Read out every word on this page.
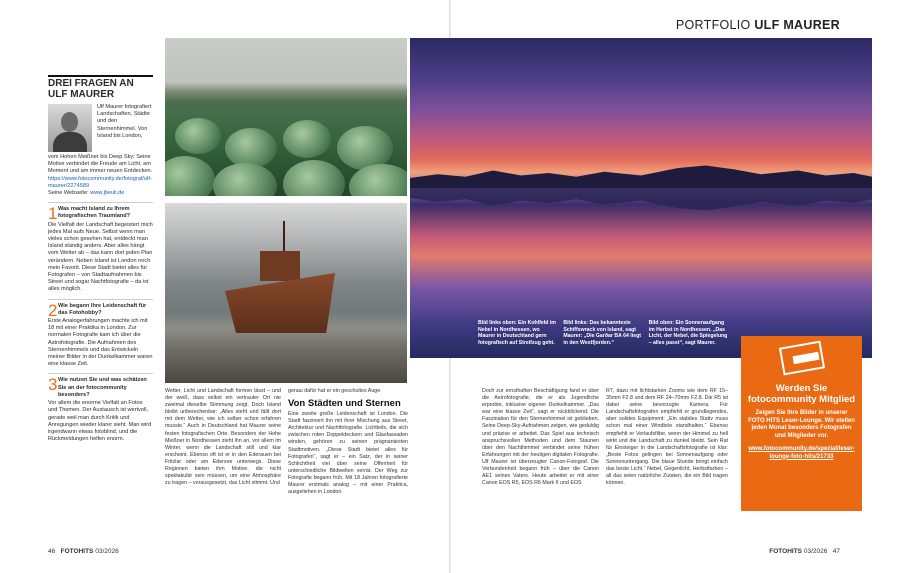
DREI FRAGEN AN ULF MAURER
Ulf Maurer fotografiert Landschaften, Städte und den Sternenhimmel. Von Island bis London,
vom Hohen Meißner bis Deep Sky: Seine Motive verbindet die Freude am Licht, am Moment und am immer neuen Entdecken.
https://www.fotocommunity.de/fotograf/ulf-maurer/2274589
Seine Webseite: www.jbeuli.de
1 Was macht Island zu Ihrem fotografischen Traumland?
Die Vielfalt der Landschaft begeistert mich jedes Mal aufs Neue. Selbst wenn man vieles schon gesehen hat, entdeckt man Island ständig anders. Aber alles hängt vom Wetter ab – das kann dort jeden Plan verändern. Neben Island ist London noch mein Favorit. Diese Stadt bietet alles für Fotografen – von Stadtaufnahmen bis Street und sogar Nachtfotografie – da ist alles möglich.
2 Wie begann Ihre Leidenschaft für das Fotohobby?
Erste Analogerfahrungen machte ich mit 18 mit einer Praktika in London. Zur normalen Fotografie kam ich über die Astrofotografie. Die Aufnahmen des Sternenhimmels und das Entwickeln meiner Bilder in der Dunkelkammer waren eine klasse Zeit.
3 Wie nutzen Sie und was schätzen Sie an der fotocommunity besonders?
Vor allem die enorme Vielfalt an Fotos und Themen. Der Austausch ist wertvoll, gerade weil man durch Kritik und Anregungen wieder klarer sieht. Man wird irgendwann etwas fotoblind, und die Rückmeldungen helfen enorm.
Wetter, Licht und Landschaft formen lässt – und der weiß, dass selbst ein vertrauter Ort nie zweimal dieselbe Stimmung zeigt. Doch Island bleibt unberechenbar: „Alles steht und fällt dort mit dem Wetter, wie ich selber schon erfahren musste.“ Auch in Deutschland hat Maurer seine festen fotografischen Orte. Besonders der Hohe Meißner in Nordhessen zieht ihn an, vor allem im Winter, wenn die Landschaft still und klar erscheint. Ebenso oft ist er in den Ederauen bei Fritzlar oder am Edersee unterwegs. Diese Regionen bieten ihm Motive, die nicht spektakulär sein müssen, um eine Atmosphäre zu tragen – vorausgesetzt, das Licht stimmt. Und
genau dafür hat er ein geschultes Auge.
Von Städten und Sternen
Eine zweite große Leidenschaft ist London. Die Stadt fasziniert ihn mit ihrer Mischung aus Street, Architektur und Nachtfotografie. Lichtteils, die sich zwischen roten Doppeldeckern und Glasfassaden winden, gehören zu seinen prägnantesten Stadtmotiven. „Diese Stadt bietet alles für Fotografen“, sagt er – ein Satz, der in seiner Schlichtheit viel über seine Offenheit für unterschiedliche Bildwelten verrät. Der Weg zur Fotografie begann früh. Mit 18 Jahren fotografierte Maurer erstmals analog – mit einer Praktica, ausgeliehen in London.
46 FOTOHITS 03/2026
PORTFOLIO ULF MAURER
Bild links oben: Ein Kohlfeld im Nebel in Nordhessen, wo Maurer in Deutschland gern fotografisch auf Streifzug geht.
Bild links: Das bekannteste Schiffswrack von Island, sagt Maurer: „Die Garðar BA 64 liegt in den Westfjorden.“
Bild oben: Ein Sonnenaufgang im Herbst in Nordhessen. „Das Licht, der Nebel, die Spiegelung – alles passt“, sagt Maurer.
Doch zur ernsthaften Beschäftigung fand er über die Astrofotografie, die er als Jugendliche erprobte, inklusive eigener Dunkelkammer. „Das war eine klasse Zeit“, sagt er rückblickend. Die Faszination für den Sternenhimmel ist geblieben. Seine Deep-Sky-Aufnahmen zeigen, wie geduldig und präzise er arbeitet. Das Spiel aus technisch anspruchsvollen Methoden und dem Staunen über den Nachthimmel verbindet seine frühen Erfahrungen mit der heutigen digitalen Fotografie. Ulf Maurer ist überzeugter Canon-Fotograf. Die Verbundenheit begann früh – über die Canon AE1 seines Vaters. Heute arbeitet er mit einer Canon EOS R5, EOS R6 Mark II und EOS
R7, dazu mit lichtstarken Zooms wie dem RF 15–35mm F2.8 und dem RF 24–70mm F2.8. Die R5 ist dabei seine bevorzugte Kamera. Für Landschaftsfotografen empfiehlt er grundlegendes, aber solides Equipment: „Ein stabiles Stativ muss schon mal einer Windböe standhalten.“ Ebenso empfiehlt er Verlaufsfilter, wenn der Himmel zu hell wirkt und die Landschaft zu dunkel bleibt. Sein Rat für Einsteiger in die Landschaftsfotografie ist klar: „Beste Fotos gelingen bei Sonnenaufgang oder Sonnenuntergang. Die blaue Stunde bringt einfach das beste Licht.“ Nebel, Gegenlicht, Herbstfarben – all das seien natürliche Zutaten, die ein Bild tragen können.
Werden Sie fotocommunity Mitglied

Zeigen Sie Ihre Bilder in unserer FOTO HITS Leser-Lounge. Wir stellen jeden Monat besonders Fotografen und Mitglieder vor.

www.fotocommunity.de/spezial/leser-lounge-foto-hits/21733
FOTOHITS 03/2026 47
